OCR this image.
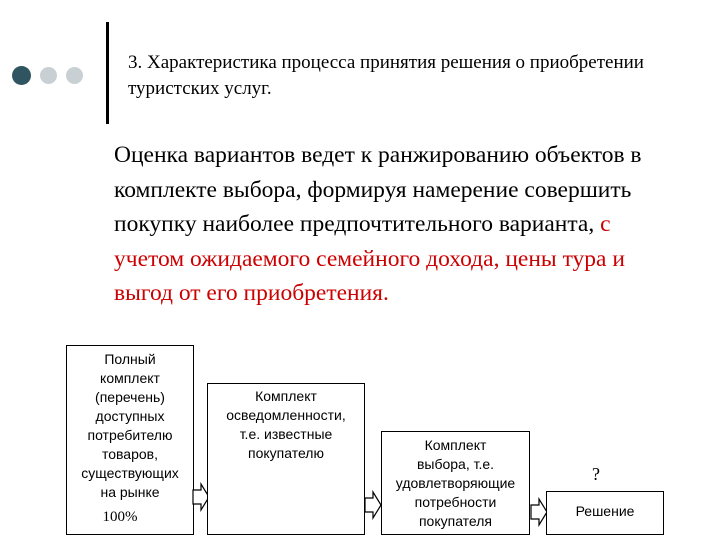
3. Характеристика процесса принятия решения о приобретении туристских услуг.
Оценка вариантов ведет к ранжированию объектов в комплекте выбора, формируя намерение совершить покупку наиболее предпочтительного варианта, с учетом ожидаемого семейного дохода, цены тура и выгод от его приобретения.
Полный
комплект
(перечень)
доступных
потребителю
товаров,
существующих
на рынке
100%
Комплект
осведомленности,
т.е. известные
покупателю	Комплект
выбора, т.е.
удовлетворяющие
потребности
покупателя
?
Решение
